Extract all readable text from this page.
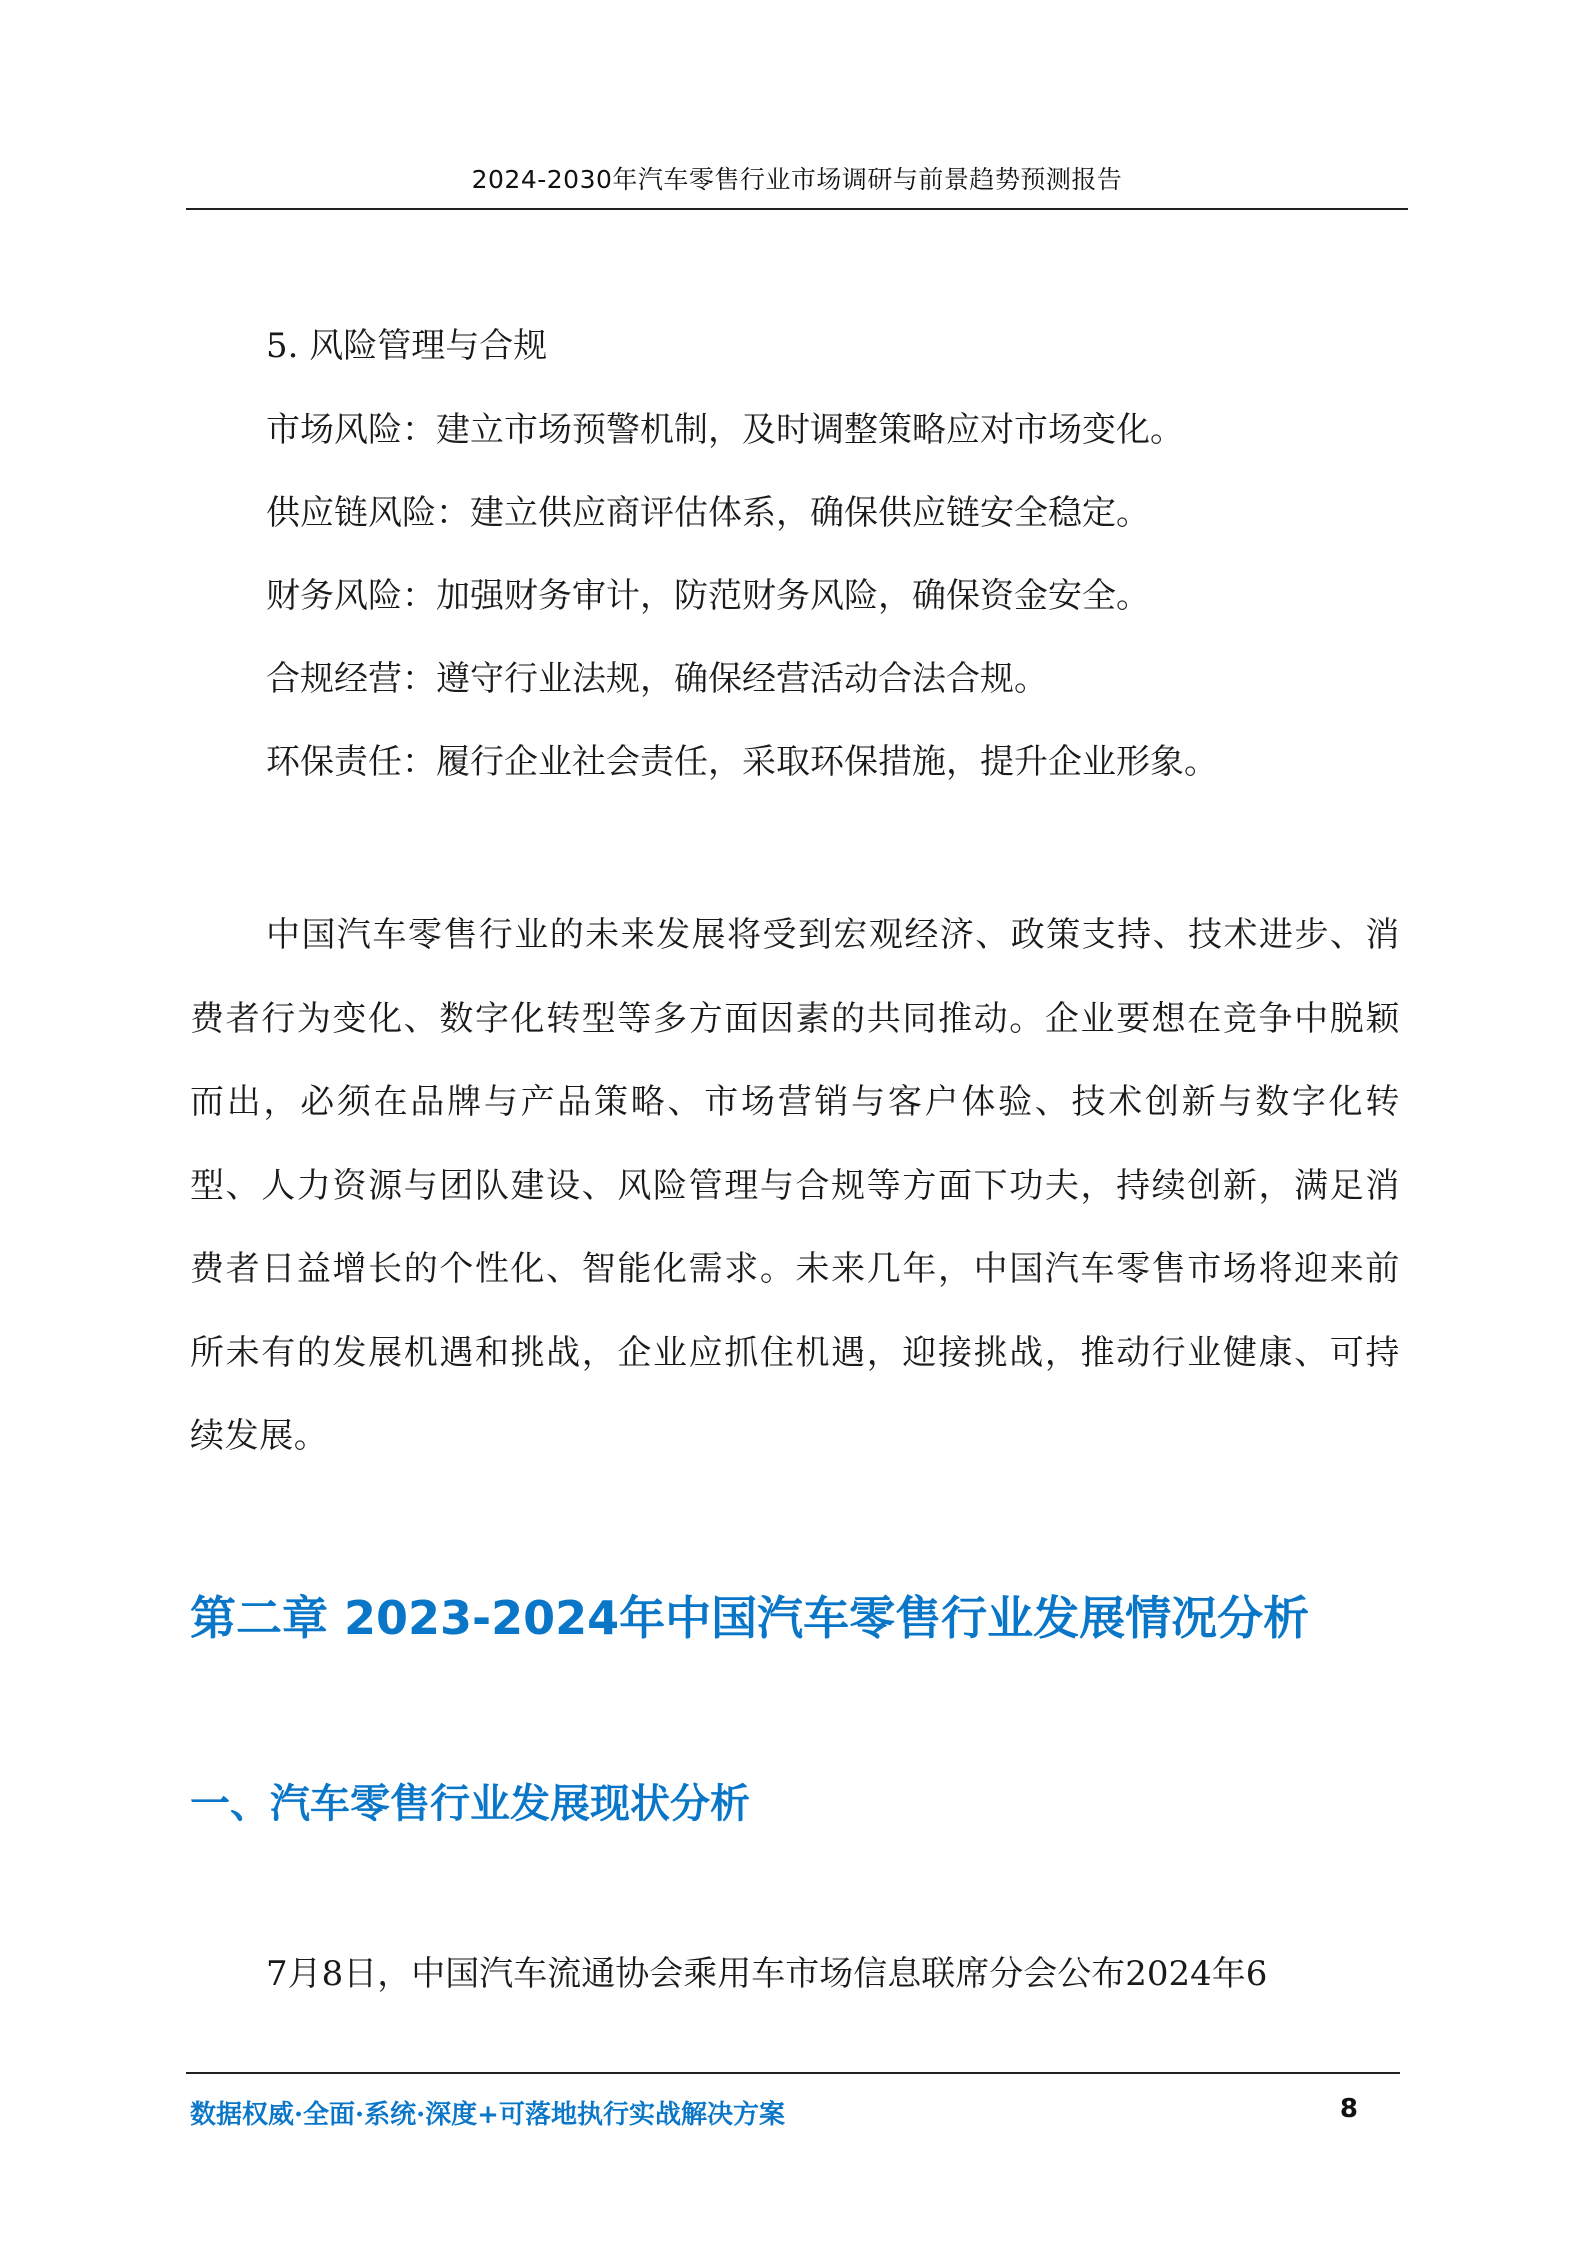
2024-2030年汽车零售行业市场调研与前景趋势预测报告
5. 风险管理与合规
市场风险：建立市场预警机制，及时调整策略应对市场变化。
供应链风险：建立供应商评估体系，确保供应链安全稳定。
财务风险：加强财务审计，防范财务风险，确保资金安全。
合规经营：遵守行业法规，确保经营活动合法合规。
环保责任：履行企业社会责任，采取环保措施，提升企业形象。
中国汽车零售行业的未来发展将受到宏观经济、政策支持、技术进步、消费者行为变化、数字化转型等多方面因素的共同推动。企业要想在竞争中脱颖而出，必须在品牌与产品策略、市场营销与客户体验、技术创新与数字化转型、人力资源与团队建设、风险管理与合规等方面下功夫，持续创新，满足消费者日益增长的个性化、智能化需求。未来几年，中国汽车零售市场将迎来前所未有的发展机遇和挑战，企业应抓住机遇，迎接挑战，推动行业健康、可持续发展。
第二章 2023-2024年中国汽车零售行业发展情况分析
一、汽车零售行业发展现状分析
7月8日，中国汽车流通协会乘用车市场信息联席分会公布2024年6
数据权威·全面·系统·深度+可落地执行实战解决方案	8
